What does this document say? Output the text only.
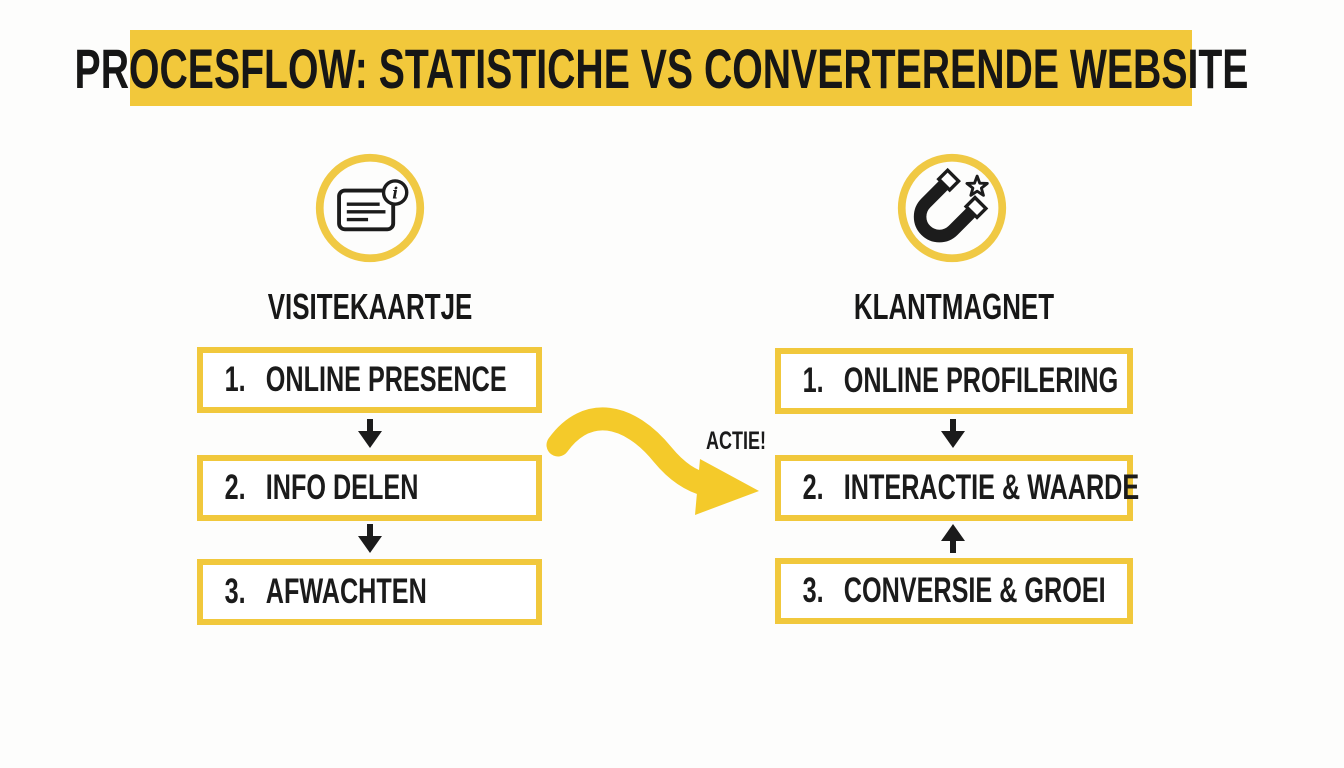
PROCESFLOW: STATISTICHE VS CONVERTERENDE WEBSITE
i
VISITEKAARTJE	KLANTMAGNET
1. ONLINE PRESENCE
2. INFO DELEN
3. AFWACHTEN
1. ONLINE PROFILERING
2. INTERACTIE & WAARDE
3. CONVERSIE & GROEI
ACTIE!
